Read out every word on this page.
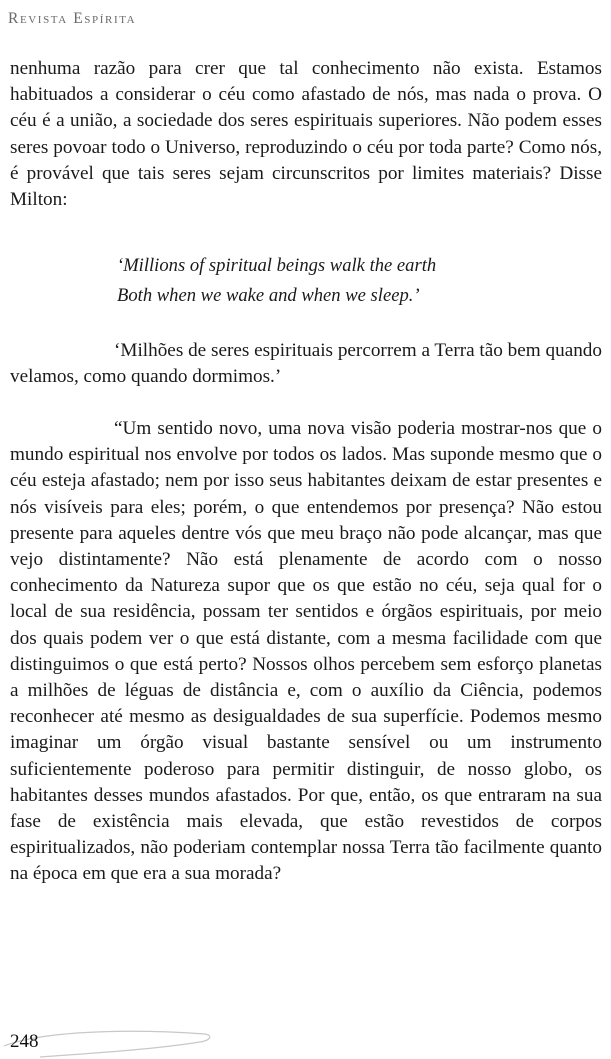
Revista Espírita

nenhuma razão para crer que tal conhecimento não exista. Estamos habituados a considerar o céu como afastado de nós, mas nada o prova. O céu é a união, a sociedade dos seres espirituais superiores. Não podem esses seres povoar todo o Universo, reproduzindo o céu por toda parte? Como nós, é provável que tais seres sejam circunscritos por limites materiais? Disse Milton:

‘Millions of spiritual beings walk the earth
Both when we wake and when we sleep.’

‘Milhões de seres espirituais percorrem a Terra tão bem quando velamos, como quando dormimos.’

“Um sentido novo, uma nova visão poderia mostrar-nos que o mundo espiritual nos envolve por todos os lados. Mas suponde mesmo que o céu esteja afastado; nem por isso seus habitantes deixam de estar presentes e nós visíveis para eles; porém, o que entendemos por presença? Não estou presente para aqueles dentre vós que meu braço não pode alcançar, mas que vejo distintamente? Não está plenamente de acordo com o nosso conhecimento da Natureza supor que os que estão no céu, seja qual for o local de sua residência, possam ter sentidos e órgãos espirituais, por meio dos quais podem ver o que está distante, com a mesma facilidade com que distinguimos o que está perto? Nossos olhos percebem sem esforço planetas a milhões de léguas de distância e, com o auxílio da Ciência, podemos reconhecer até mesmo as desigualdades de sua superfície. Podemos mesmo imaginar um órgão visual bastante sensível ou um instrumento suficientemente poderoso para permitir distinguir, de nosso globo, os habitantes desses mundos afastados. Por que, então, os que entraram na sua fase de existência mais elevada, que estão revestidos de corpos espiritualizados, não poderiam contemplar nossa Terra tão facilmente quanto na época em que era a sua morada?

248
